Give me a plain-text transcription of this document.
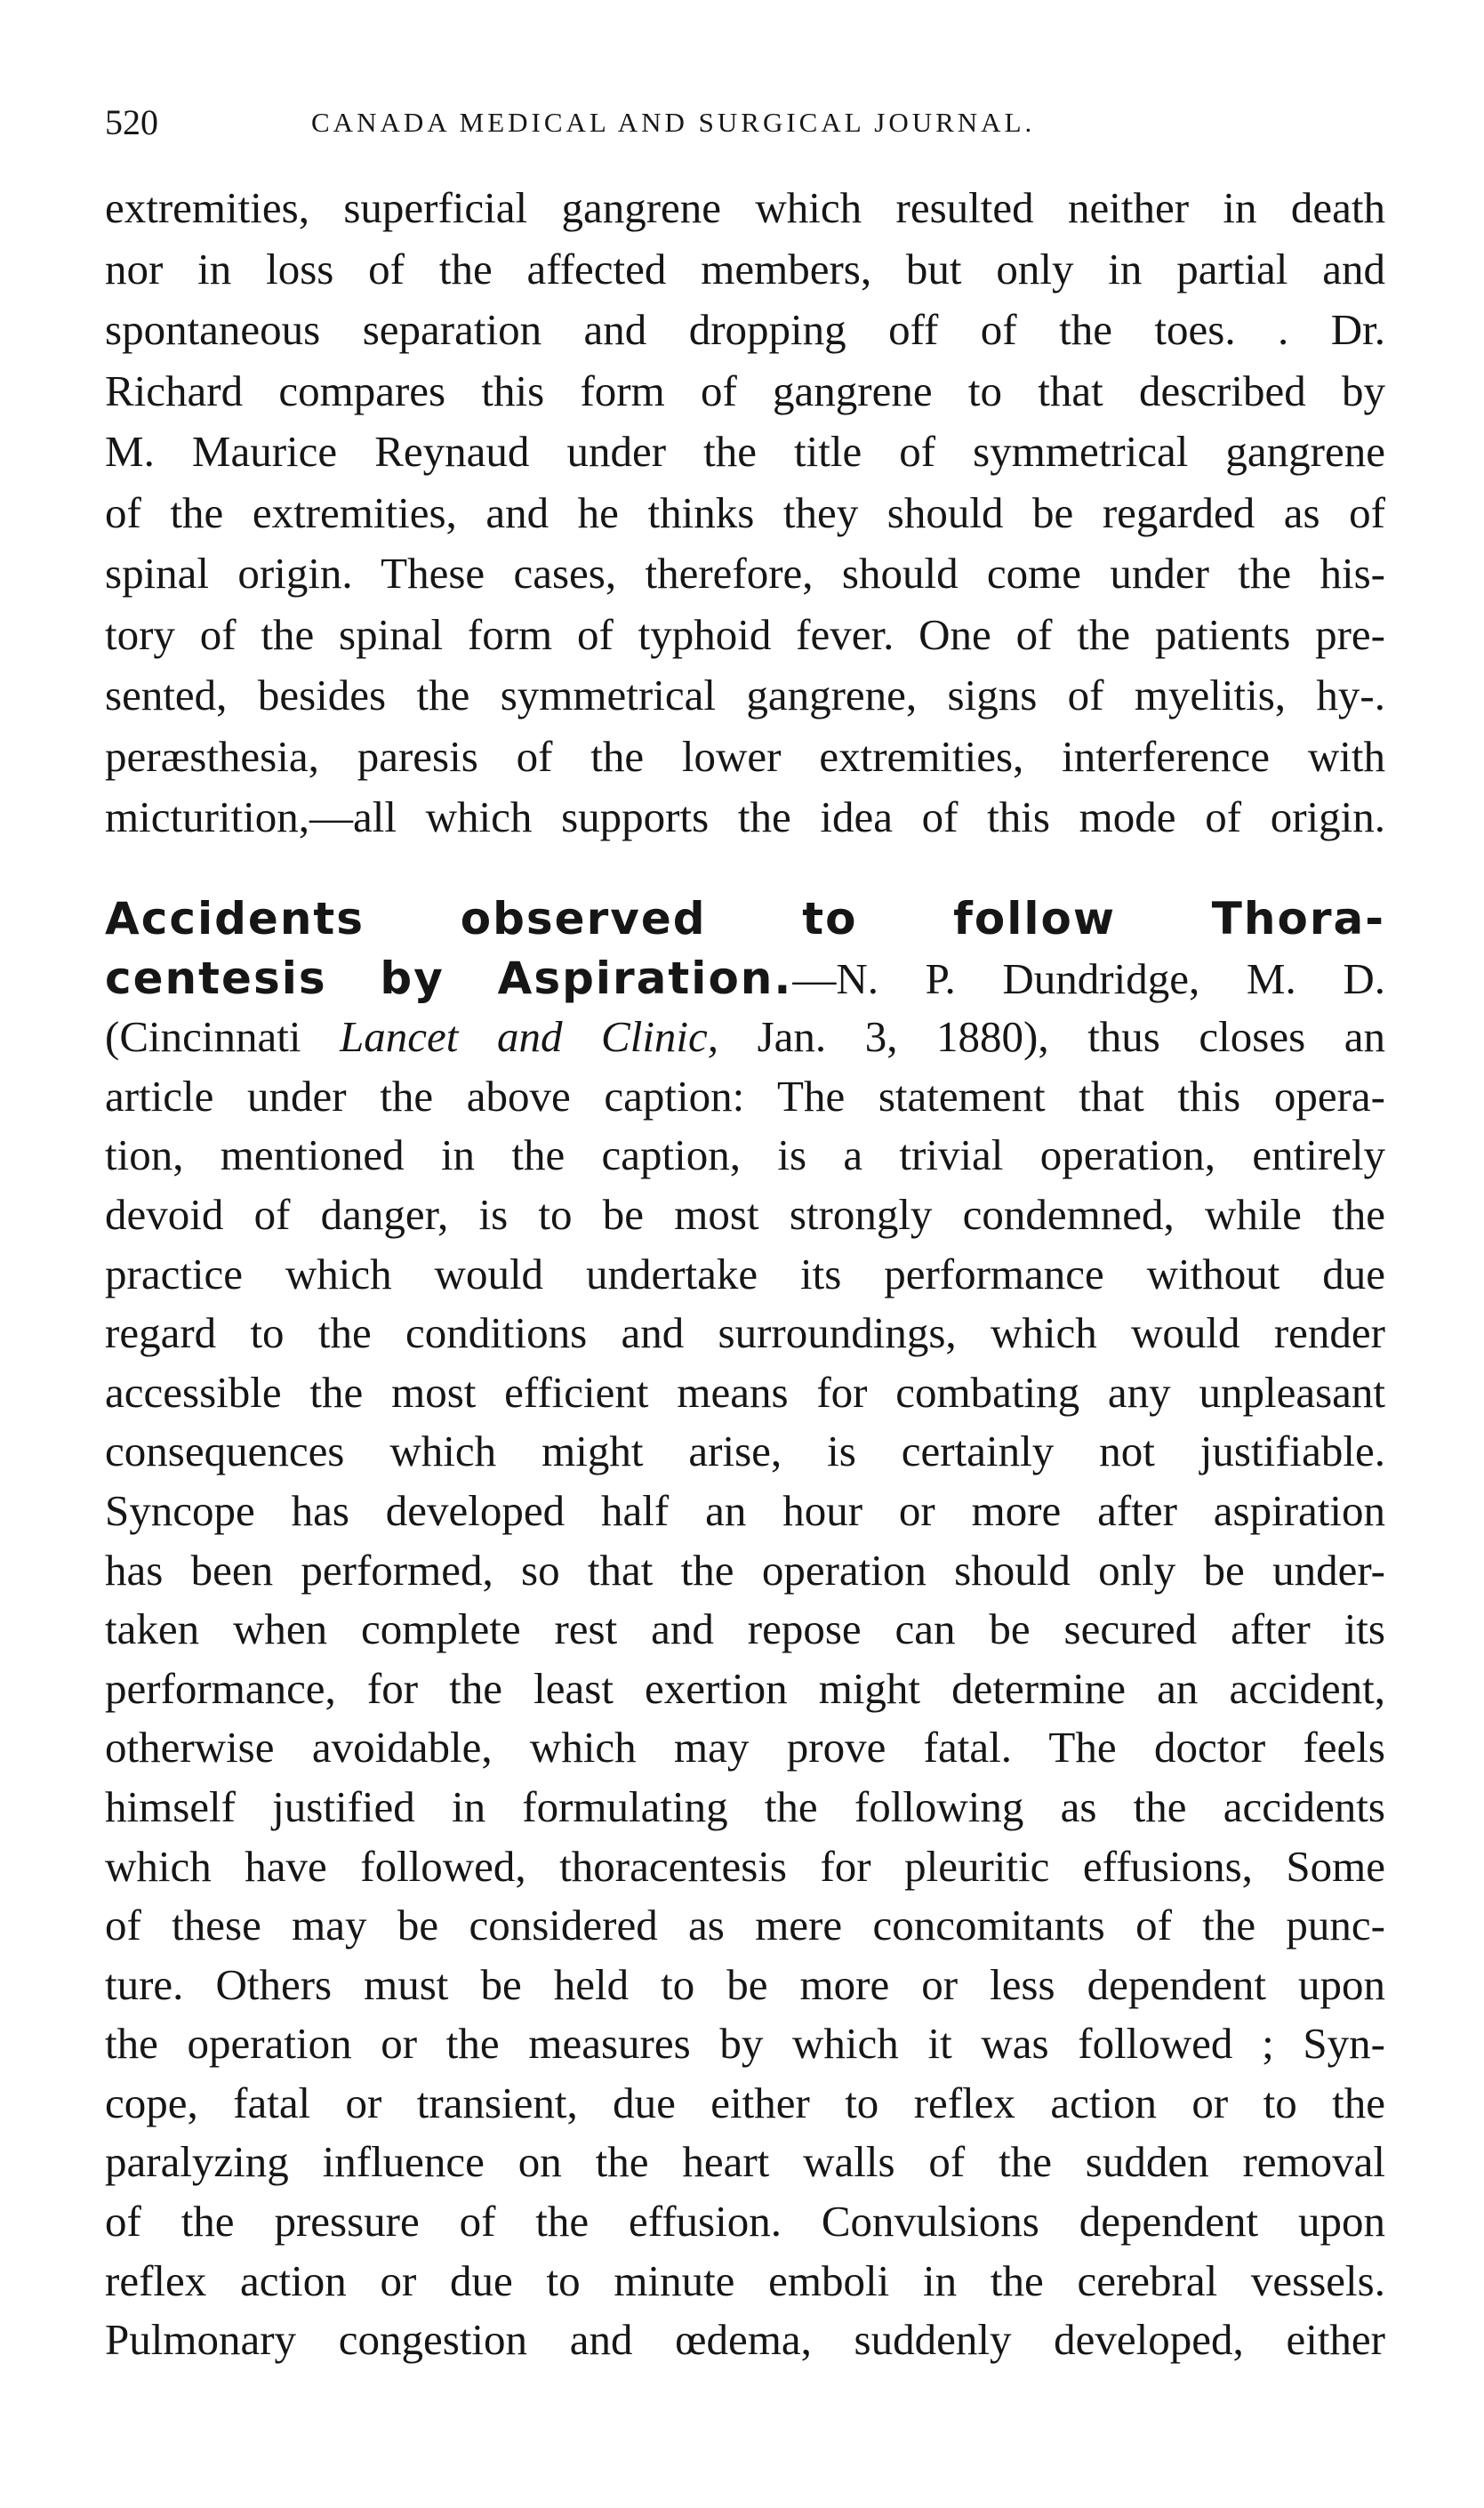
520	CANADA MEDICAL AND SURGICAL JOURNAL.
extremities, superficial gangrene which resulted neither in death
nor in loss of the affected members, but only in partial and
spontaneous separation and dropping off of the toes. . Dr.
Richard compares this form of gangrene to that described by
M. Maurice Reynaud under the title of symmetrical gangrene
of the extremities, and he thinks they should be regarded as of
spinal origin. These cases, therefore, should come under the his-
tory of the spinal form of typhoid fever. One of the patients pre-
sented, besides the symmetrical gangrene, signs of myelitis, hy-.
peræsthesia, paresis of the lower extremities, interference with
micturition,—all which supports the idea of this mode of origin.
Accidents observed to follow Thora-
centesis by Aspiration.—N. P. Dundridge, M. D.
(Cincinnati Lancet and Clinic, Jan. 3, 1880), thus closes an
article under the above caption: The statement that this opera-
tion, mentioned in the caption, is a trivial operation, entirely
devoid of danger, is to be most strongly condemned, while the
practice which would undertake its performance without due
regard to the conditions and surroundings, which would render
accessible the most efficient means for combating any unpleasant
consequences which might arise, is certainly not justifiable.
Syncope has developed half an hour or more after aspiration
has been performed, so that the operation should only be under-
taken when complete rest and repose can be secured after its
performance, for the least exertion might determine an accident,
otherwise avoidable, which may prove fatal. The doctor feels
himself justified in formulating the following as the accidents
which have followed, thoracentesis for pleuritic effusions, Some
of these may be considered as mere concomitants of the punc-
ture. Others must be held to be more or less dependent upon
the operation or the measures by which it was followed ; Syn-
cope, fatal or transient, due either to reflex action or to the
paralyzing influence on the heart walls of the sudden removal
of the pressure of the effusion. Convulsions dependent upon
reflex action or due to minute emboli in the cerebral vessels.
Pulmonary congestion and œdema, suddenly developed, either
